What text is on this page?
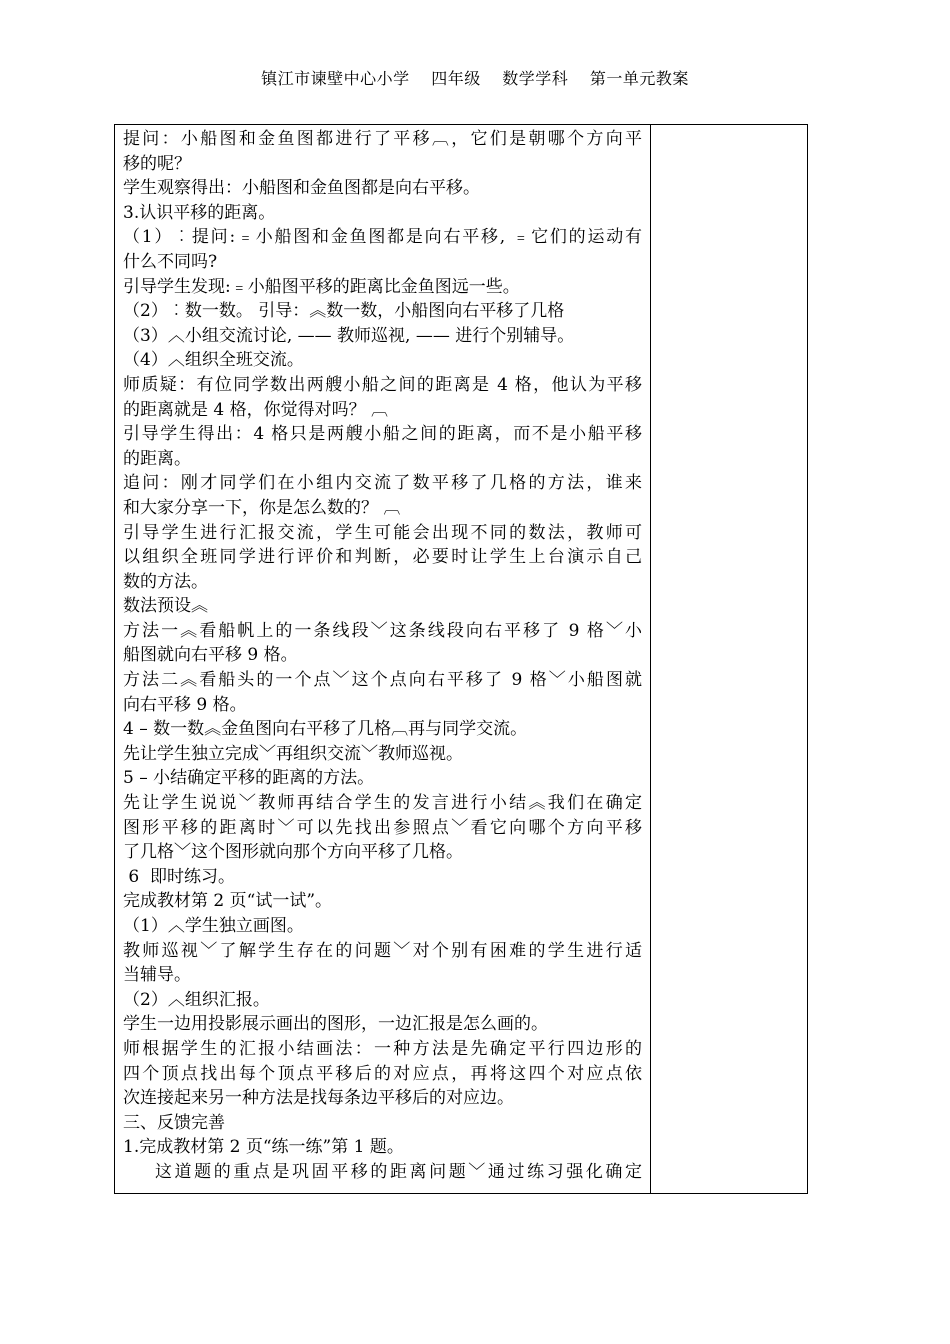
镇江市谏壁中心小学 四年级 数学学科 第一单元教案
提问：小船图和金鱼图都进行了平移︹，它们是朝哪个方向平
移的呢？
学生观察得出：小船图和金鱼图都是向右平移。
3.认识平移的距离。
（1）︰提问:﹦小船图和金鱼图都是向右平移, ﹦它们的运动有
什么不同吗?
引导学生发现:﹦小船图平移的距离比金鱼图远一些。
（2）︰数一数。 引导：︽数一数，小船图向右平移了几格
（3）︿小组交流讨论, —— 教师巡视, —— 进行个别辅导。
（4）︿组织全班交流。
师质疑：有位同学数出两艘小船之间的距离是 4 格，他认为平移
的距离就是 4 格，你觉得对吗？ ︹
引导学生得出：4 格只是两艘小船之间的距离，而不是小船平移
的距离。
追问：刚才同学们在小组内交流了数平移了几格的方法，谁来
和大家分享一下，你是怎么数的？ ︹
引导学生进行汇报交流，学生可能会出现不同的数法，教师可
以组织全班同学进行评价和判断，必要时让学生上台演示自己
数的方法。
数法预设︽
方法一︽看船帆上的一条线段﹀这条线段向右平移了 9 格﹀小
船图就向右平移 9 格。
方法二︽看船头的一个点﹀这个点向右平移了 9 格﹀小船图就
向右平移 9 格。
4 – 数一数︽金鱼图向右平移了几格︹再与同学交流。
先让学生独立完成﹀再组织交流﹀教师巡视。
5 – 小结确定平移的距离的方法。
先让学生说说﹀教师再结合学生的发言进行小结︽我们在确定
图形平移的距离时﹀可以先找出参照点﹀看它向哪个方向平移
了几格﹀这个图形就向那个方向平移了几格。
6  即时练习。
完成教材第 2 页“试一试”。
（1）︿学生独立画图。
教师巡视﹀了解学生存在的问题﹀对个别有困难的学生进行适
当辅导。
（2）︿组织汇报。
学生一边用投影展示画出的图形，一边汇报是怎么画的。
师根据学生的汇报小结画法：一种方法是先确定平行四边形的
四个顶点找出每个顶点平移后的对应点，再将这四个对应点依
次连接起来另一种方法是找每条边平移后的对应边。
三、反馈完善
1.完成教材第 2 页“练一练”第 1 题。
这道题的重点是巩固平移的距离问题﹀通过练习强化确定
